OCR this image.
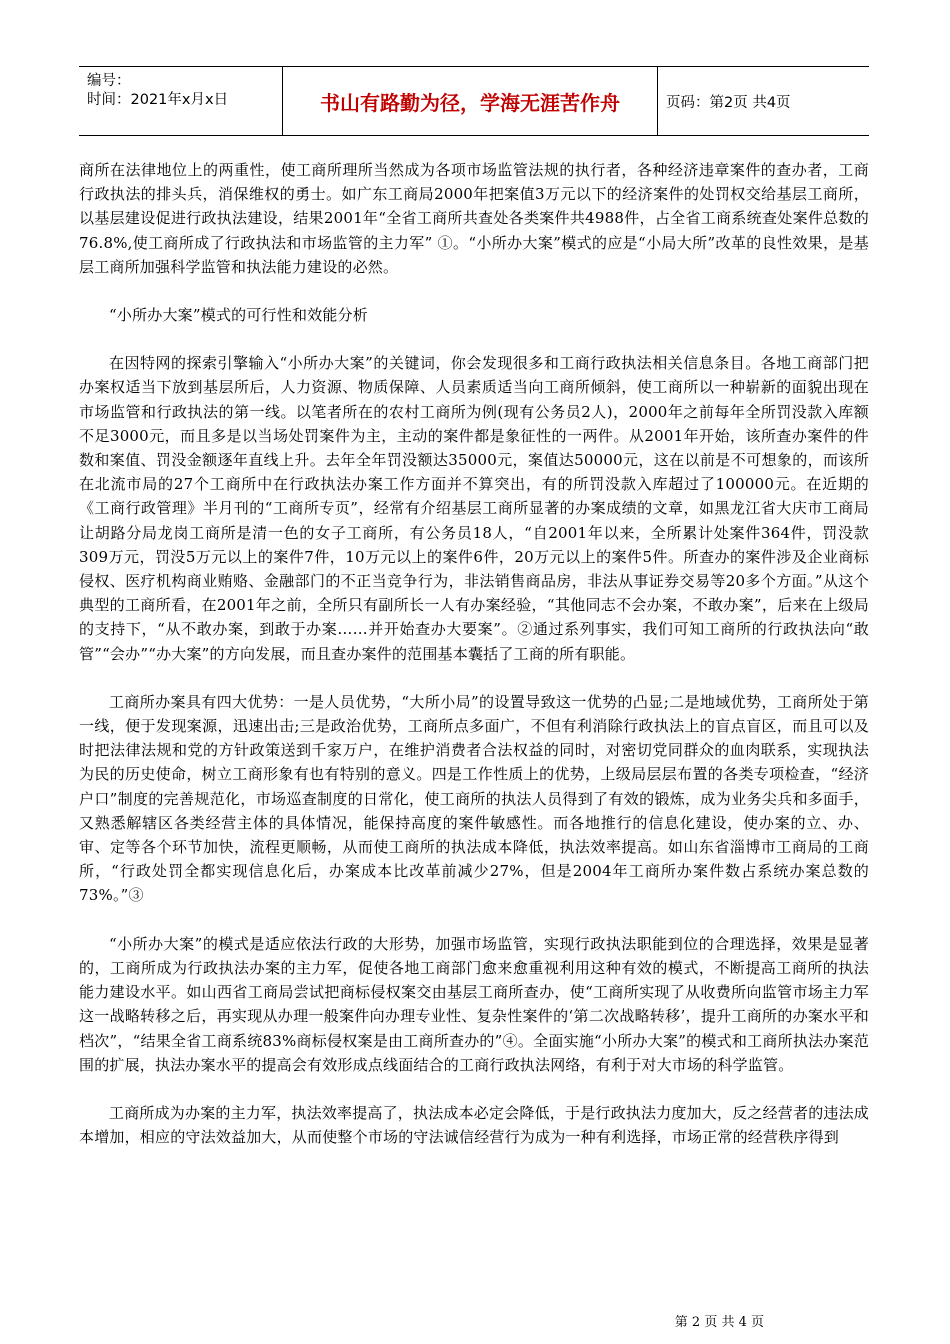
编号：
时间：2021年x月x日	书山有路勤为径，学海无涯苦作舟	页码：第2页 共4页

商所在法律地位上的两重性，使工商所理所当然成为各项市场监管法规的执行者，各种经济违章案件的查办者，工商行政执法的排头兵，消保维权的勇士。如广东工商局2000年把案值3万元以下的经济案件的处罚权交给基层工商所，以基层建设促进行政执法建设，结果2001年“全省工商所共查处各类案件共4988件，占全省工商系统查处案件总数的76.8%,使工商所成了行政执法和市场监管的主力军” ①。“小所办大案”模式的应是“小局大所”改革的良性效果，是基层工商所加强科学监管和执法能力建设的必然。

“小所办大案”模式的可行性和效能分析

在因特网的探索引擎输入“小所办大案”的关键词，你会发现很多和工商行政执法相关信息条目。各地工商部门把办案权适当下放到基层所后，人力资源、物质保障、人员素质适当向工商所倾斜，使工商所以一种崭新的面貌出现在市场监管和行政执法的第一线。以笔者所在的农村工商所为例(现有公务员2人)，2000年之前每年全所罚没款入库额不足3000元，而且多是以当场处罚案件为主，主动的案件都是象征性的一两件。从2001年开始，该所查办案件的件数和案值、罚没金额逐年直线上升。去年全年罚没额达35000元，案值达50000元，这在以前是不可想象的，而该所在北流市局的27个工商所中在行政执法办案工作方面并不算突出，有的所罚没款入库超过了100000元。在近期的《工商行政管理》半月刊的“工商所专页”，经常有介绍基层工商所显著的办案成绩的文章，如黑龙江省大庆市工商局让胡路分局龙岗工商所是清一色的女子工商所，有公务员18人，“自2001年以来，全所累计处案件364件，罚没款309万元，罚没5万元以上的案件7件，10万元以上的案件6件，20万元以上的案件5件。所查办的案件涉及企业商标侵权、医疗机构商业贿赂、金融部门的不正当竞争行为，非法销售商品房，非法从事证券交易等20多个方面。”从这个典型的工商所看，在2001年之前，全所只有副所长一人有办案经验，“其他同志不会办案，不敢办案”，后来在上级局的支持下，“从不敢办案，到敢于办案……并开始查办大要案”。②通过系列事实，我们可知工商所的行政执法向“敢管”“会办”“办大案”的方向发展，而且查办案件的范围基本囊括了工商的所有职能。

工商所办案具有四大优势：一是人员优势，“大所小局”的设置导致这一优势的凸显;二是地域优势，工商所处于第一线，便于发现案源，迅速出击;三是政治优势，工商所点多面广，不但有利消除行政执法上的盲点盲区，而且可以及时把法律法规和党的方针政策送到千家万户，在维护消费者合法权益的同时，对密切党同群众的血肉联系，实现执法为民的历史使命，树立工商形象有也有特别的意义。四是工作性质上的优势，上级局层层布置的各类专项检查，“经济户口”制度的完善规范化，市场巡查制度的日常化，使工商所的执法人员得到了有效的锻炼，成为业务尖兵和多面手，又熟悉解辖区各类经营主体的具体情况，能保持高度的案件敏感性。而各地推行的信息化建设，使办案的立、办、审、定等各个环节加快，流程更顺畅，从而使工商所的执法成本降低，执法效率提高。如山东省淄博市工商局的工商所，“行政处罚全都实现信息化后，办案成本比改革前减少27%，但是2004年工商所办案件数占系统办案总数的73%。”③

“小所办大案”的模式是适应依法行政的大形势，加强市场监管，实现行政执法职能到位的合理选择，效果是显著的，工商所成为行政执法办案的主力军，促使各地工商部门愈来愈重视利用这种有效的模式，不断提高工商所的执法能力建设水平。如山西省工商局尝试把商标侵权案交由基层工商所查办，使“工商所实现了从收费所向监管市场主力军这一战略转移之后，再实现从办理一般案件向办理专业性、复杂性案件的‘第二次战略转移’，提升工商所的办案水平和档次”，“结果全省工商系统83%商标侵权案是由工商所查办的”④。全面实施“小所办大案”的模式和工商所执法办案范围的扩展，执法办案水平的提高会有效形成点线面结合的工商行政执法网络，有利于对大市场的科学监管。

工商所成为办案的主力军，执法效率提高了，执法成本必定会降低，于是行政执法力度加大，反之经营者的违法成本增加，相应的守法效益加大，从而使整个市场的守法诚信经营行为成为一种有利选择，市场正常的经营秩序得到

第 2 页 共 4 页
